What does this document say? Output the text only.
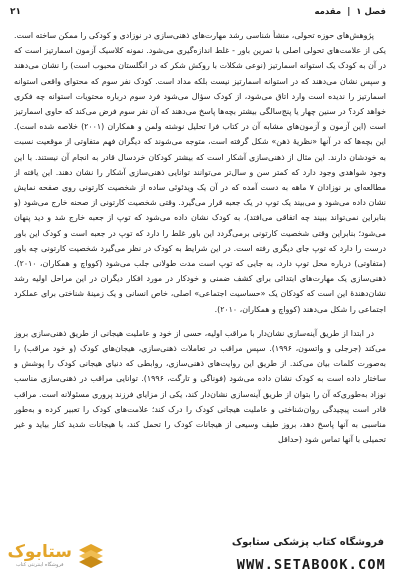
فصل ۱
|
مقدمه
۲۱

پژوهش‌های حوزه تحولی، منشأ شناسی رشد مهارت‌های ذهنی‌سازی در نوزادی و کودکی را ممکن ساخته است. یکی از علامت‌های تحولی اصلی با تمرین باور - غلط اندازه‌گیری می‌شود. نمونه کلاسیک آزمون اسمارتیز است که در آن به کودک یک استوانه اسمارتیز (نوعی شکلات با روکش شکر که در انگلستان محبوب است) را نشان می‌دهند و سپس نشان می‌دهند که در استوانه اسمارتیز نیست بلکه مداد است. کودک نفر سوم که محتوای واقعی استوانه اسمارتیز را ندیده است وارد اتاق می‌شود، از کودک سؤال می‌شود فرد سوم درباره محتویات استوانه چه فکری خواهد کرد؟ در سنین چهار یا پنج‌سالگی بیشتر بچه‌ها پاسخ می‌دهند که آن نفر سوم فرض می‌کند که حاوی اسمارتیز است (این آزمون و آزمون‌های مشابه آن در کتاب فرا تحلیل نوشته ولمن و همکاران (۲۰۰۱) خلاصه شده است). این بچه‌ها که در آنها «نظریهٔ ذهن» شکل گرفته است، متوجه می‌شوند که دیگران فهم متفاوتی از موقعیت نسبت به خودشان دارند. این مثال از ذهنی‌سازی آشکار است که بیشتر کودکان خردسال قادر به انجام آن نیستند. با این وجود شواهدی وجود دارد که کمتر سن و سال‌تر می‌توانند توانایی ذهنی‌سازی آشکار را نشان دهند. این یافته از مطالعه‌ای بر نوزادان ۷ ماهه به دست آمده که در آن یک ویدئوئی ساده از شخصیت کارتونی روی صفحه نمایش نشان داده می‌شود و می‌بیند یک توپ در یک جعبه قرار می‌گیرد. وقتی شخصیت کارتونی از صحنه خارج می‌شود (و بنابراین نمی‌تواند ببیند چه اتفاقی می‌افتد)، به کودک نشان داده می‌شود که توپ از جعبه خارج شد و دید پنهان می‌شود؛ بنابراین وقتی شخصیت کارتونی برمی‌گردد این باور غلط را دارد که توپ در جعبه است و کودک این باور درست را دارد که توپ جای دیگری رفته است. در این شرایط به کودک در نظر می‌گیرد شخصیت کارتونی چه باور (متفاوتی) درباره محل توپ دارد، به جایی که توپ است مدت طولانی جلب می‌شود (کوواچ و همکاران، ۲۰۱۰). ذهنی‌سازی یک مهارت‌های ابتدائی برای کشف ضمنی و خودکار در مورد افکار دیگران در این مراحل اولیه رشد نشان‌دهندهٔ این است که کودکان یک «حساسیت اجتماعی» اصلی، خاص انسانی و یک زمینهٔ شناختی برای عملکرد اجتماعی را شکل می‌دهند (کوواچ و همکاران، ۲۰۱۰).

در ابتدا از طریق آینه‌سازی نشان‌دار با مراقب اولیه، حسی از خود و عاملیت هیجانی از طریق ذهنی‌سازی بروز می‌کند (جرجلی و واتسون، ۱۹۹۶). سپس مراقب در تعاملات ذهنی‌سازی، هیجان‌های کودک (و خود مراقب) را به‌صورت کلمات بیان می‌کند. از طریق این روایت‌های ذهنی‌سازی، روابطی که دنیای هیجانی کودک را پوشش و ساختار داده است به کودک نشان داده می‌شود (فوناگی و تارگت، ۱۹۹۶). توانایی مراقب در ذهنی‌سازی مناسب نوزاد به‌طوری‌که آن را بتوان از طریق آینه‌سازی نشان‌دار کند، یکی از مزایای فرزند پروری مسئولانه است. مراقب قادر است پیچیدگی روان‌شناختی و عاملیت هیجانی کودک را درک کند؛ علامت‌های کودک را تعبیر کرده و به‌طور مناسبی به آنها پاسخ دهد، بروز طیف وسیعی از هیجانات کودک را تحمل کند، با هیجانات شدید کنار بیاید و غیر تحمیلی با آنها تماس شود (حداقل

ستابوک
فروشگاه اینترنتی کتاب
فروشگاه کتاب پزشکی ستابوک
WWW.SETABOOK.COM
